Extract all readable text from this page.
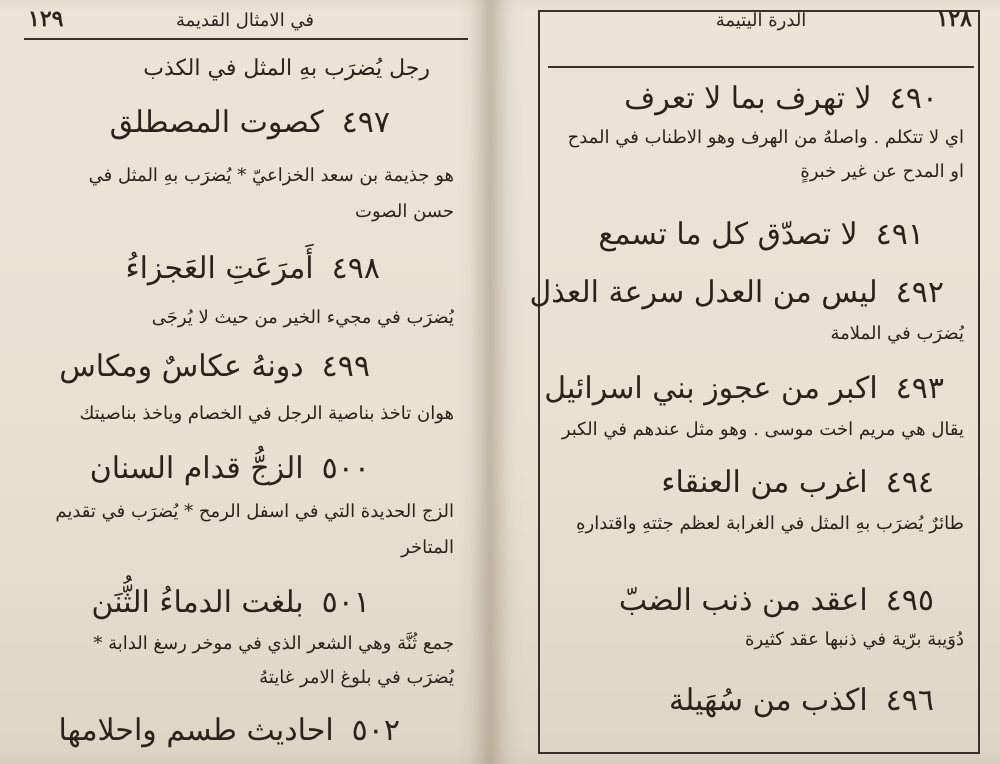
١٢٩	في الامثال القديمة
رجل يُضرَب بهِ المثل في الكذب
٤٩٧كصوت المصطلق
هو جذيمة بن سعد الخزاعيّ * يُضرَب بهِ المثل في
حسن الصوت
٤٩٨أَمرَعَتِ العَجزاءُ
يُضرَب في مجيء الخير من حيث لا يُرجَى
٤٩٩دونهُ عكاسٌ ومكاس
هوان تاخذ بناصية الرجل في الخصام وياخذ بناصيتك
٥٠٠الزجُّ قدام السنان
الزج الحديدة التي في اسفل الرمح * يُضرَب في تقديم
المتاخر
٥٠١بلغت الدماءُ الثُّنَن
جمع ثُنَّة وهي الشعر الذي في موخر رسغ الدابة *
يُضرَب في بلوغ الامر غايتهُ
٥٠٢احاديث طسم واحلامها
١٢٨
الدرة اليتيمة
٤٩٠لا تهرف بما لا تعرف
اي لا تتكلم . واصلهُ من الهرف وهو الاطناب في المدح
او المدح عن غير خبرةٍ
٤٩١لا تصدّق كل ما تسمع
٤٩٢ليس من العدل سرعة العذل
يُضرَب في الملامة
٤٩٣اكبر من عجوز بني اسرائيل
يقال هي مريم اخت موسى . وهو مثل عندهم في الكبر
٤٩٤اغرب من العنقاء
طائرٌ يُضرَب بهِ المثل في الغرابة لعظم جثتهِ واقتدارهِ
٤٩٥اعقد من ذنب الضبّ
دُوَيبة برّية في ذنبها عقد كثيرة
٤٩٦اكذب من سُهَيلة
